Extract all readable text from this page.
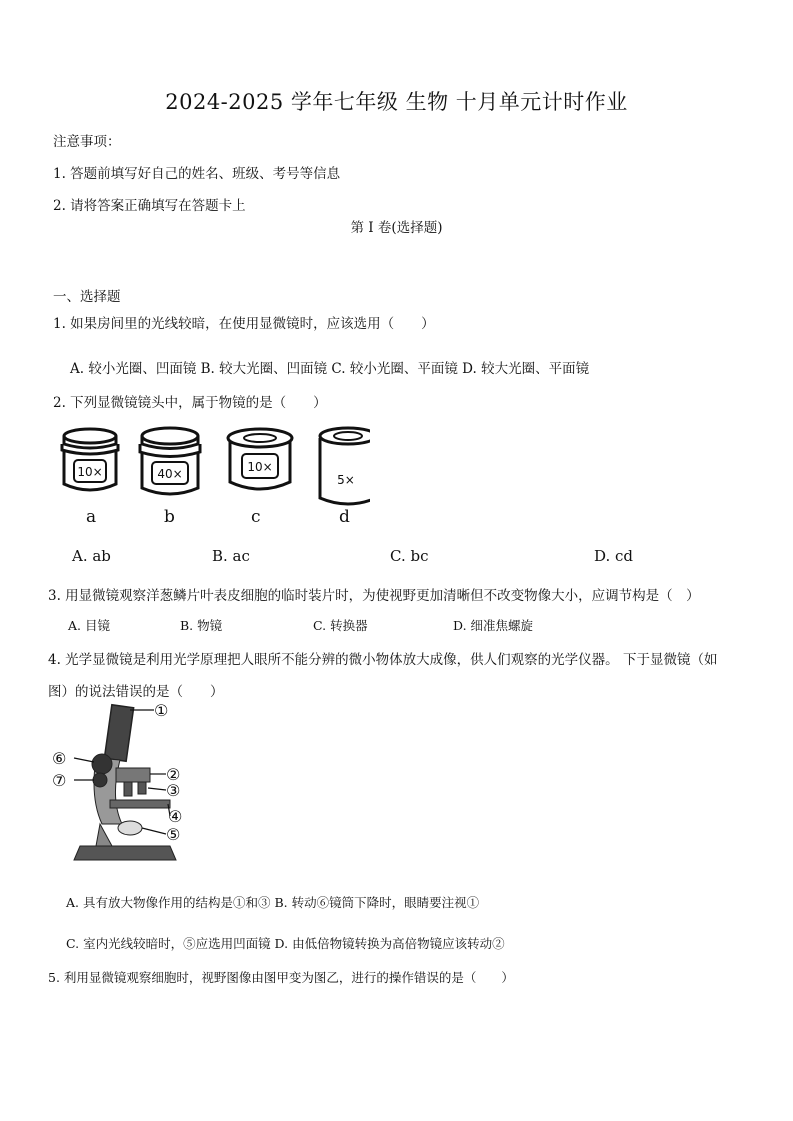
2024-2025 学年七年级 生物 十月单元计时作业
注意事项：
1. 答题前填写好自己的姓名、班级、考号等信息
2. 请将答案正确填写在答题卡上
第 I 卷(选择题)
一、选择题
1. 如果房间里的光线较暗，在使用显微镜时，应该选用（　　）
A. 较小光圈、凹面镜 B. 较大光圈、凹面镜 C. 较小光圈、平面镜 D. 较大光圈、平面镜
2. 下列显微镜镜头中，属于物镜的是（　　）
10×	40×	10×
5×
a	b	c	d
A. ab	B. ac	C. bc	D. cd
3. 用显微镜观察洋葱鳞片叶表皮细胞的临时装片时，为使视野更加清晰但不改变物像大小，应调节构是（　）
A. 目镜	B. 物镜	C. 转换器	D. 细准焦螺旋
4. 光学显微镜是利用光学原理把人眼所不能分辨的微小物体放大成像，供人们观察的光学仪器。 下于显微镜（如
图）的说法错误的是（　　）
①
②
③
④
⑤
⑥
⑦
A. 具有放大物像作用的结构是①和③ B. 转动⑥镜筒下降时，眼睛要注视①
C. 室内光线较暗时，⑤应选用凹面镜 D. 由低倍物镜转换为高倍物镜应该转动②
5. 利用显微镜观察细胞时，视野图像由图甲变为图乙，进行的操作错误的是（　　）
